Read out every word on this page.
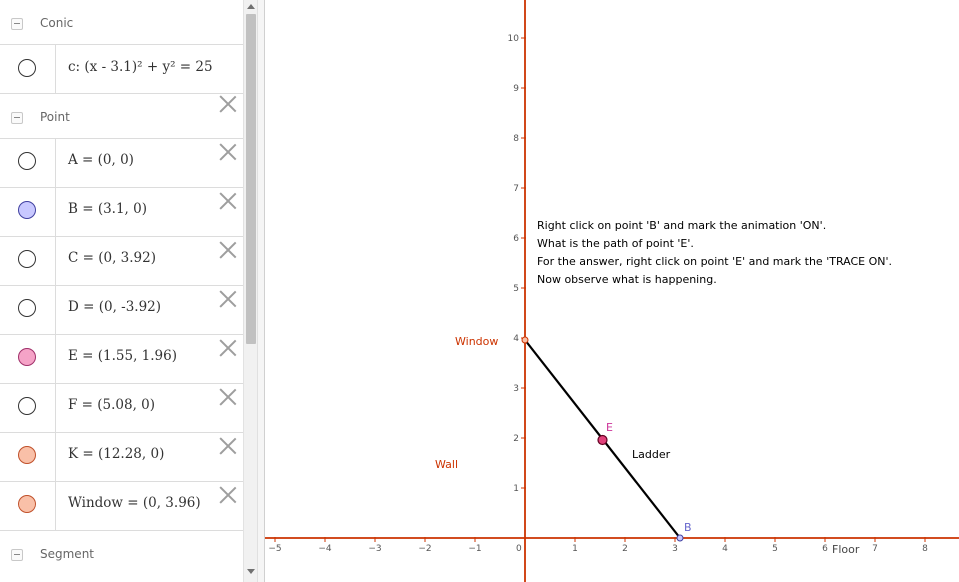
Conic
c: (x - 3.1)² + y² = 25
Point
A = (0, 0)
B = (3.1, 0)
C = (0, 3.92)
D = (0, -3.92)
E = (1.55, 1.96)
F = (5.08, 0)
K = (12.28, 0)
Window = (0, 3.96)
Segment	−5	−4	−3	−2	−1	0	1	2	3	4	5	6	7	8
1
2
3
4
5
6
7
8
9
10
Floor
Right click on point 'B' and mark the animation 'ON'.
What is the path of point 'E'.
For the answer, right click on point 'E' and mark the 'TRACE ON'.
Now observe what is happening.
Window
Wall
Ladder
E
B
